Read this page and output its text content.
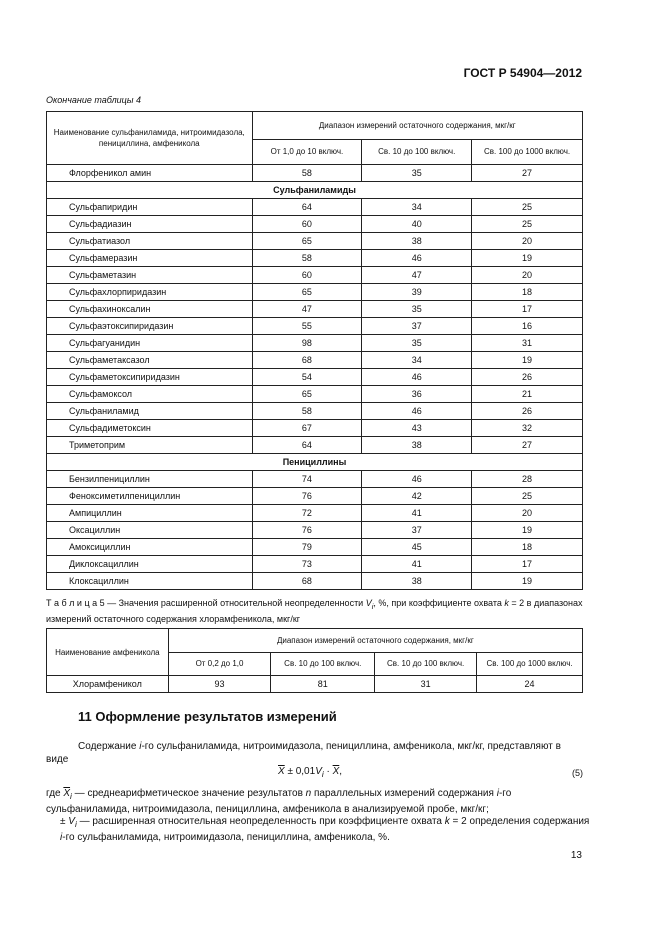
ГОСТ Р 54904—2012
Окончание таблицы 4
Наименование сульфаниламида, нитроимидазола, пенициллина, амфеникола	Диапазон измерений остаточного содержания, мкг/кг		
	От 1,0 до 10 включ.	Св. 10 до 100 включ.	Св. 100 до 1000 включ.
Флорфеникол амин	58	35	27
Сульфаниламиды			
Сульфапиридин	64	34	25
Сульфадиазин	60	40	25
Сульфатиазол	65	38	20
Сульфамеразин	58	46	19
Сульфаметазин	60	47	20
Сульфахлорпиридазин	65	39	18
Сульфахиноксалин	47	35	17
Сульфаэтоксипиридазин	55	37	16
Сульфагуанидин	98	35	31
Сульфаметаксазол	68	34	19
Сульфаметоксипиридазин	54	46	26
Сульфамоксол	65	36	21
Сульфаниламид	58	46	26
Сульфадиметоксин	67	43	32
Триметоприм	64	38	27
Пенициллины			
Бензилпенициллин	74	46	28
Феноксиметилпенициллин	76	42	25
Ампициллин	72	41	20
Оксациллин	76	37	19
Амоксициллин	79	45	18
Диклоксациллин	73	41	17
Клоксациллин	68	38	19
Т а б л и ц а 5 — Значения расширенной относительной неопределенности $V_i$, %, при коэффициенте охвата k = 2 в диапазонах измерений остаточного содержания хлорамфеникола, мкг/кг
Наименование амфеникола	Диапазон измерений остаточного содержания, мкг/кг			
	От 0,2 до 1,0	Св. 10 до 100 включ.	Св. 10 до 100 включ.	Св. 100 до 1000 включ.
Хлорамфеникол	93	81	31	24
11 Оформление результатов измерений
Содержание i-го сульфаниламида, нитроимидазола, пенициллина, амфеникола, мкг/кг, представляют в виде
$\overline{X} \pm 0,01V_i \cdot \overline{X}$,	(5)
где $\overline{X}_i$ — среднеарифметическое значение результатов n параллельных измерений содержания i-го сульфаниламида, нитроимидазола, пенициллина, амфеникола в анализируемой пробе, мкг/кг;
± $V_i$ — расширенная относительная неопределенность при коэффициенте охвата k = 2 определения содержания i-го сульфаниламида, нитроимидазола, пенициллина, амфеникола, %.
13
